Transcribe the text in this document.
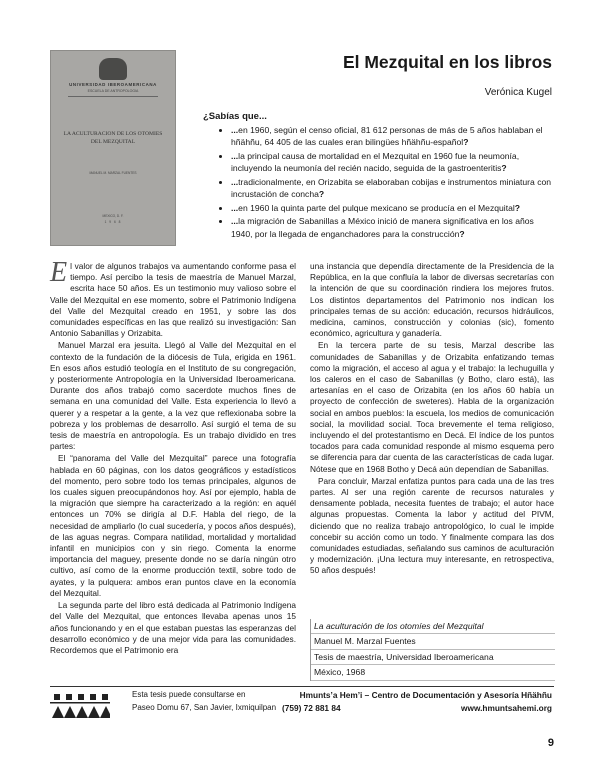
UNIVERSIDAD IBEROAMERICANA
ESCUELA DE ANTROPOLOGIA
LA ACULTURACION DE LOS OTOMIES
DEL MEZQUITAL
MANUEL M. MARZAL FUENTES
MEXICO, D. F.
1 9 6 8
El Mezquital en los libros
Verónica Kugel
¿Sabías que...
• ...en 1960, según el censo oficial, 81 612 personas de más de 5 años hablaban el hñähñu, 64 405 de las cuales eran bilingües hñähñu-español?
• ...la principal causa de mortalidad en el Mezquital en 1960 fue la neumonía, incluyendo la neumonía del recién nacido, seguida de la gastroenteritis?
• ...tradicionalmente, en Orizabita se elaboraban cobijas e instrumentos miniatura con incrustación de concha?
• ...en 1960 la quinta parte del pulque mexicano se producía en el Mezquital?
• ...la migración de Sabanillas a México inició de manera significativa en los años 1940, por la llegada de enganchadores para la construcción?

El valor de algunos trabajos va aumentando conforme pasa el tiempo. Así percibo la tesis de maestría de Manuel Marzal, escrita hace 50 años. Es un testimonio muy valioso sobre el Valle del Mezquital en ese momento, sobre el Patrimonio Indígena del Valle del Mezquital creado en 1951, y sobre las dos comunidades específicas en las que realizó su investigación: San Antonio Sabanillas y Orizabita.

Manuel Marzal era jesuita. Llegó al Valle del Mezquital en el contexto de la fundación de la diócesis de Tula, erigida en 1961. En esos años estudió teología en el Instituto de su congregación, y posteriormente Antropología en la Universidad Iberoamericana. Durante dos años trabajó como sacerdote muchos fines de semana en una comunidad del Valle. Esta experiencia lo llevó a querer y a respetar a la gente, a la vez que reflexionaba sobre la pobreza y los problemas de desarrollo. Así surgió el tema de su tesis de maestría en antropología. Es un trabajo dividido en tres partes:

El “panorama del Valle del Mezquital” parece una fotografía hablada en 60 páginas, con los datos geográficos y estadísticos del momento, pero sobre todo los temas principales, algunos de los cuales siguen preocupándonos hoy. Así por ejemplo, habla de la migración que siempre ha caracterizado a la región: en aquél entonces un 70% se dirigía al D.F. Habla del riego, de la necesidad de ampliarlo (lo cual sucedería, y pocos años después), de las aguas negras. Compara natilidad, mortalidad y mortalidad infantil en municipios con y sin riego. Comenta la enorme importancia del maguey, presente donde no se daría ningún otro cultivo, así como de la enorme producción textil, sobre todo de ayates, y la pulquera: ambos eran puntos clave en la economía del Mezquital.

La segunda parte del libro está dedicada al Patrimonio Indígena del Valle del Mezquital, que entonces llevaba apenas unos 15 años funcionando y en el que estaban puestas las esperanzas del desarrollo económico y de una mejor vida para las comunidades. Recordemos que el Patrimonio era

una instancia que dependía directamente de la Presidencia de la República, en la que confluía la labor de diversas secretarías con la intención de que su coordinación rindiera los mejores frutos. Los distintos departamentos del Patrimonio nos indican los principales temas de su acción: educación, recursos hidráulicos, medicina, caminos, construcción y colonias (sic), fomento económico, agricultura y ganadería.

En la tercera parte de su tesis, Marzal describe las comunidades de Sabanillas y de Orizabita enfatizando temas como la migración, el acceso al agua y el trabajo: la lechuguilla y los caleros en el caso de Sabanillas (y Botho, claro está), las artesanías en el caso de Orizabita (en los años 60 había un proyecto de confección de sweteres). Habla de la organización social en ambos pueblos: la escuela, los medios de comunicación social, la movilidad social. Toca brevemente el tema religioso, incluyendo el del protestantismo en Decá. El índice de los puntos tocados para cada comunidad responde al mismo esquema pero se diferencia para dar cuenta de las características de cada lugar. Nótese que en 1968 Botho y Decá aún dependían de Sabanillas.

Para concluir, Marzal enfatiza puntos para cada una de las tres partes. Al ser una región carente de recursos naturales y densamente poblada, necesita fuentes de trabajo; el autor hace algunas propuestas. Comenta la labor y actitud del PIVM, diciendo que no realiza trabajo antropológico, lo cual le impide concebir su acción como un todo. Y finalmente compara las dos comunidades estudiadas, señalando sus caminos de aculturación y modernización. ¡Una lectura muy interesante, en retrospectiva, 50 años después!

La aculturación de los otomíes del Mezquital
Manuel M. Marzal Fuentes
Tesis de maestría, Universidad Iberoamericana
México, 1968
Esta tesis puede consultarse en
Paseo Domu 67, San Javier, Ixmiquilpan
Hmunts’a Hem’i – Centro de Documentación y Asesoría Hñähñu
(759) 72 881 84	www.hmuntsahemi.org
9
